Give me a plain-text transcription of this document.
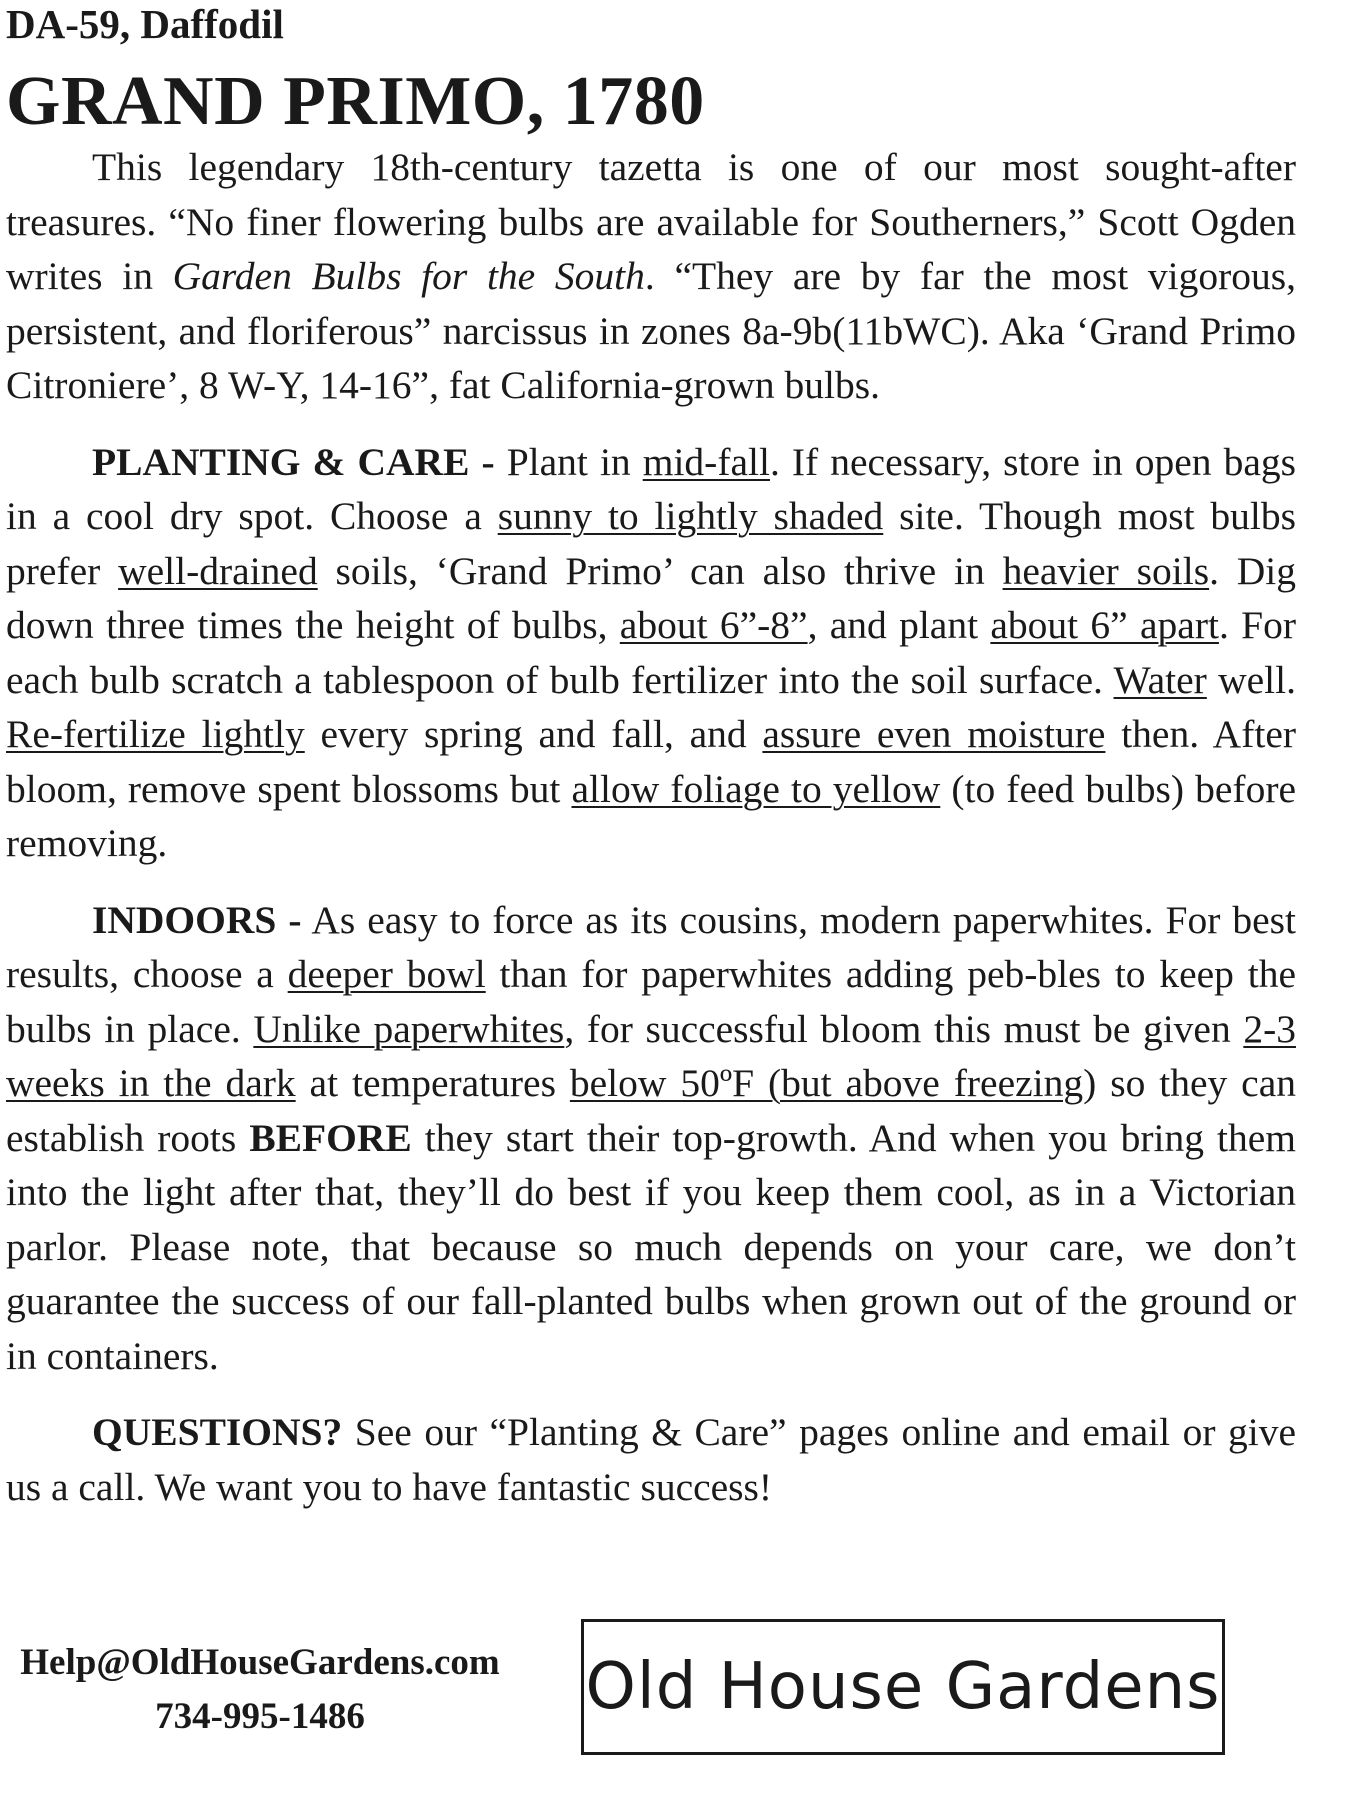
DA-59, Daffodil
GRAND PRIMO, 1780

This legendary 18th-century tazetta is one of our most sought-after treasures. “No finer flowering bulbs are available for Southerners,” Scott Ogden writes in Garden Bulbs for the South. “They are by far the most vigorous, persistent, and floriferous” narcissus in zones 8a-9b(11bWC). Aka ‘Grand Primo Citroniere’, 8 W-Y, 14-16”, fat California-grown bulbs.

PLANTING & CARE - Plant in mid-fall. If necessary, store in open bags in a cool dry spot. Choose a sunny to lightly shaded site. Though most bulbs prefer well-drained soils, ‘Grand Primo’ can also thrive in heavier soils. Dig down three times the height of bulbs, about 6”-8”, and plant about 6” apart. For each bulb scratch a tablespoon of bulb fertilizer into the soil surface. Water well. Re-fertilize lightly every spring and fall, and assure even moisture then. After bloom, remove spent blossoms but allow foliage to yellow (to feed bulbs) before removing.

INDOORS - As easy to force as its cousins, modern paperwhites. For best results, choose a deeper bowl than for paperwhites adding peb-bles to keep the bulbs in place. Unlike paperwhites, for successful bloom this must be given 2-3 weeks in the dark at temperatures below 50ºF (but above freezing) so they can establish roots BEFORE they start their top-growth. And when you bring them into the light after that, they’ll do best if you keep them cool, as in a Victorian parlor. Please note, that because so much depends on your care, we don’t guarantee the success of our fall-planted bulbs when grown out of the ground or in containers.

QUESTIONS? See our “Planting & Care” pages online and email or give us a call. We want you to have fantastic success!

Help@OldHouseGardens.com
734-995-1486	Old House Gardens
